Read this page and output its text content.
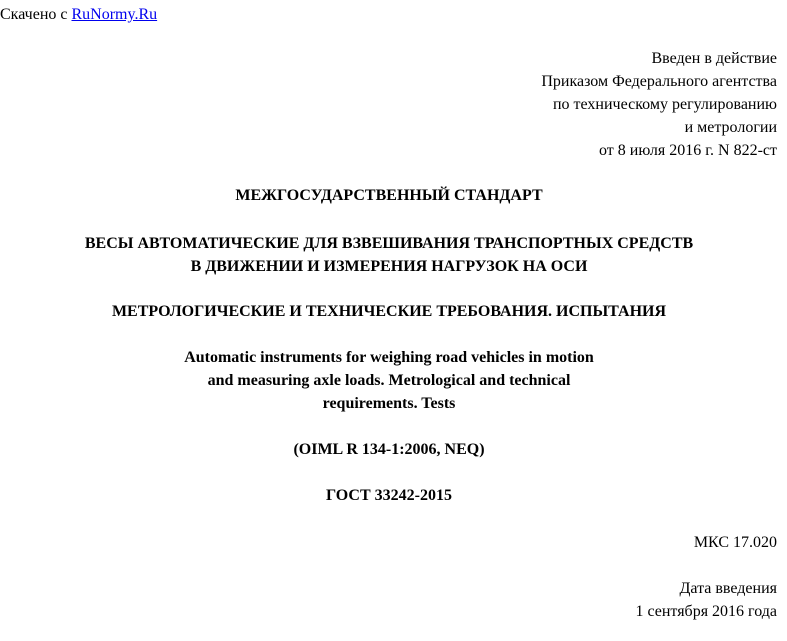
Скачено с RuNormy.Ru
Введен в действие
Приказом Федерального агентства
по техническому регулированию
и метрологии
от 8 июля 2016 г. N 822-ст
МЕЖГОСУДАРСТВЕННЫЙ СТАНДАРТ
ВЕСЫ АВТОМАТИЧЕСКИЕ ДЛЯ ВЗВЕШИВАНИЯ ТРАНСПОРТНЫХ СРЕДСТВ
В ДВИЖЕНИИ И ИЗМЕРЕНИЯ НАГРУЗОК НА ОСИ
МЕТРОЛОГИЧЕСКИЕ И ТЕХНИЧЕСКИЕ ТРЕБОВАНИЯ. ИСПЫТАНИЯ
Automatic instruments for weighing road vehicles in motion
and measuring axle loads. Metrological and technical
requirements. Tests
(OIML R 134-1:2006, NEQ)
ГОСТ 33242-2015
МКС 17.020
Дата введения
1 сентября 2016 года
